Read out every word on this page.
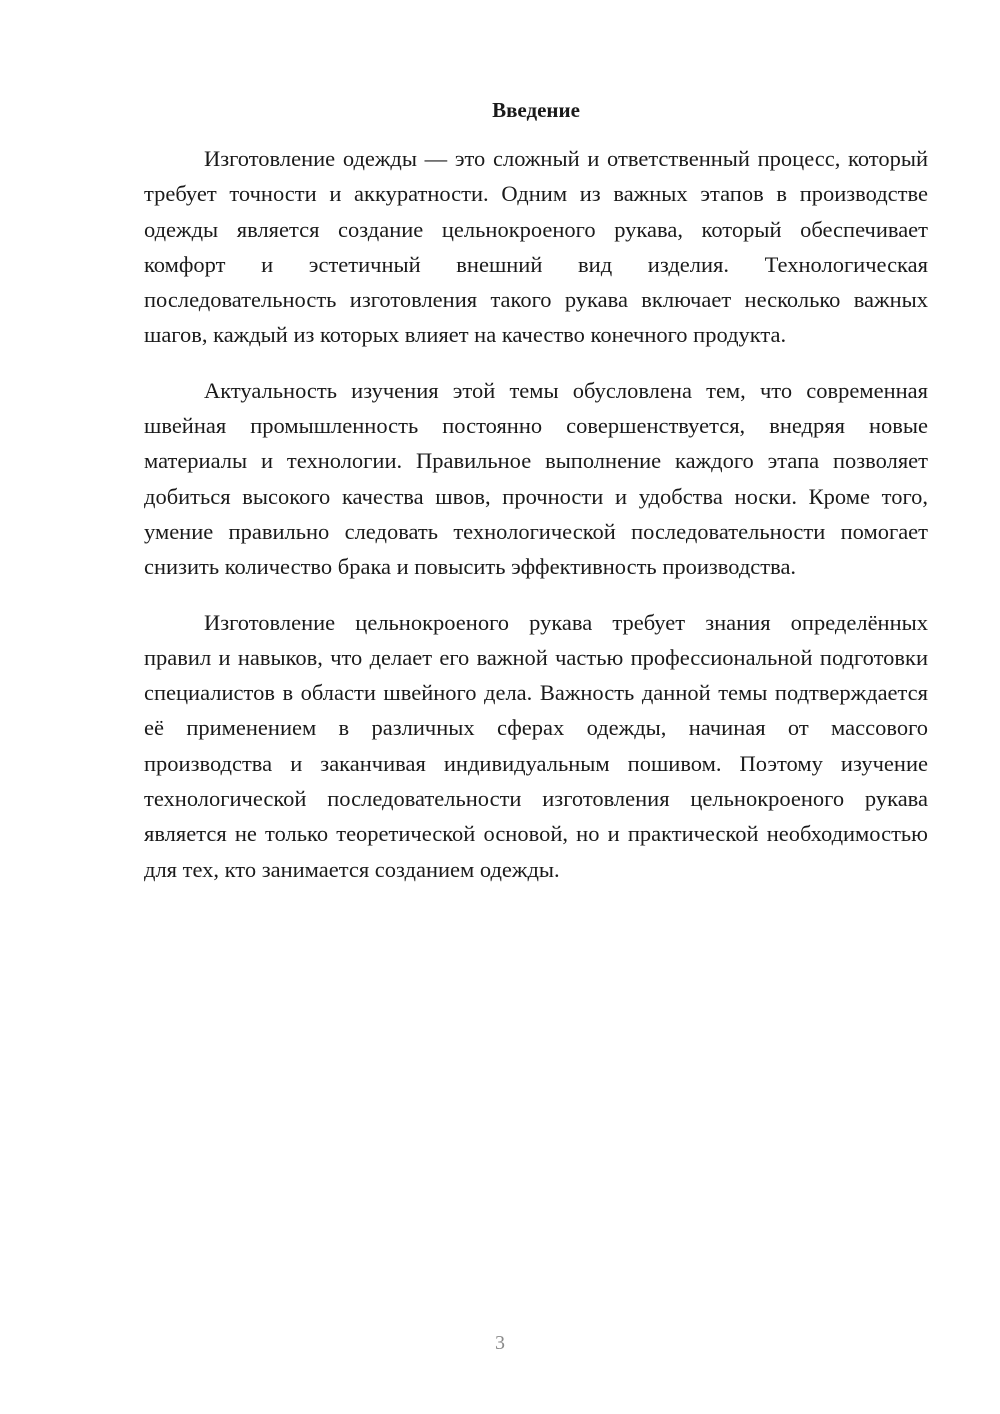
Введение

Изготовление одежды — это сложный и ответственный процесс, который требует точности и аккуратности. Одним из важных этапов в производстве одежды является создание цельнокроеного рукава, который обеспечивает комфорт и эстетичный внешний вид изделия. Технологическая последовательность изготовления такого рукава включает несколько важных шагов, каждый из которых влияет на качество конечного продукта.

Актуальность изучения этой темы обусловлена тем, что современная швейная промышленность постоянно совершенствуется, внедряя новые материалы и технологии. Правильное выполнение каждого этапа позволяет добиться высокого качества швов, прочности и удобства носки. Кроме того, умение правильно следовать технологической последовательности помогает снизить количество брака и повысить эффективность производства.

Изготовление цельнокроеного рукава требует знания определённых правил и навыков, что делает его важной частью профессиональной подготовки специалистов в области швейного дела. Важность данной темы подтверждается её применением в различных сферах одежды, начиная от массового производства и заканчивая индивидуальным пошивом. Поэтому изучение технологической последовательности изготовления цельнокроеного рукава является не только теоретической основой, но и практической необходимостью для тех, кто занимается созданием одежды.

3
